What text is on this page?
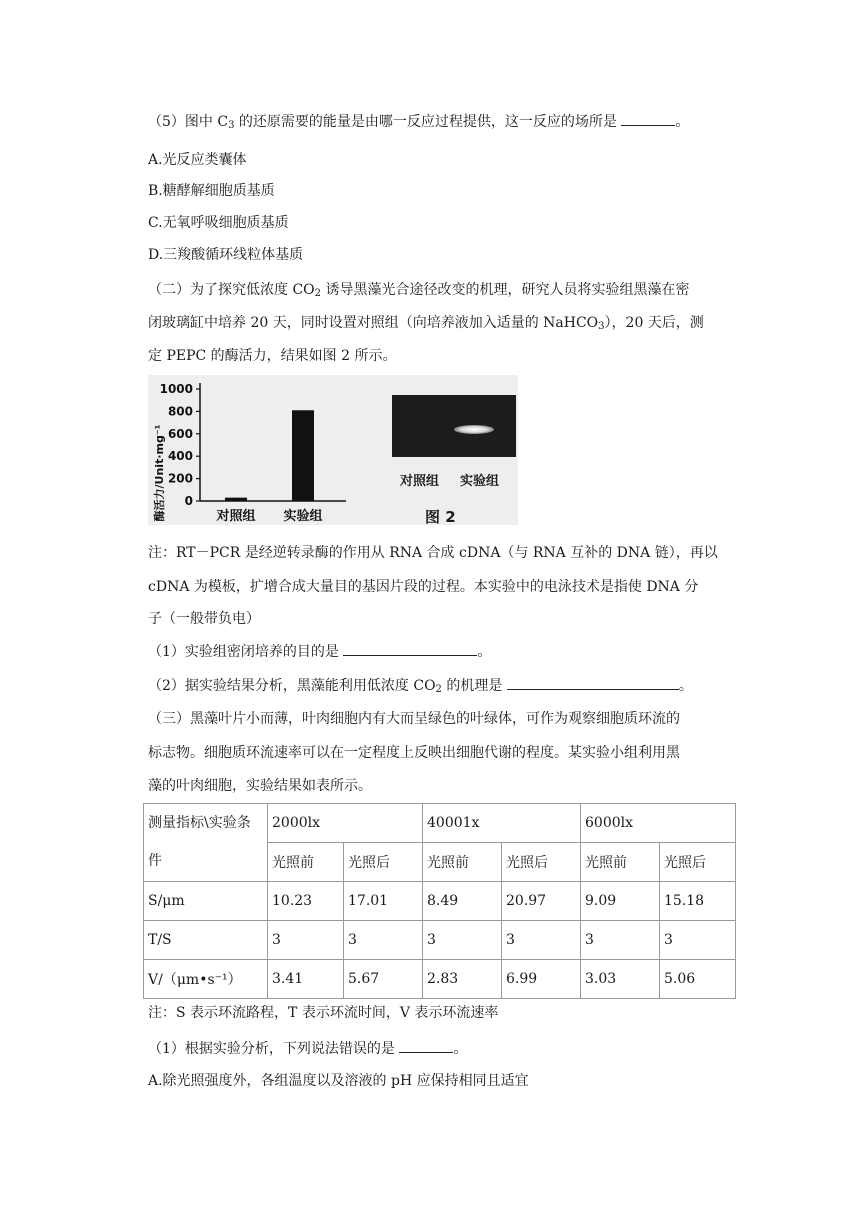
（5）图中 $C_3$ 的还原需要的能量是由哪一反应过程提供，这一反应的场所是	。
A.光反应类囊体
B.糖酵解细胞质基质
C.无氧呼吸细胞质基质
D.三羧酸循环线粒体基质
（二）为了探究低浓度 $CO_2$ 诱导黑藻光合途径改变的机理，研究人员将实验组黑藻在密
闭玻璃缸中培养 20 天，同时设置对照组（向培养液加入适量的 NaHCO$_3$），20 天后，测
定 PEPC 的酶活力，结果如图 2 所示。
酶活力/Unit·mg⁻¹ 0
200
400
600
800
1000
对照组 实验组
对照组 实验组
图 2
注：RT－PCR 是经逆转录酶的作用从 RNA 合成 cDNA（与 RNA 互补的 DNA 链），再以
cDNA 为模板，扩增合成大量目的基因片段的过程。本实验中的电泳技术是指使 DNA 分
子（一般带负电）
（1）实验组密闭培养的目的是	。
（2）据实验结果分析，黑藻能利用低浓度 $CO_2$ 的机理是	。
（三）黑藻叶片小而薄，叶肉细胞内有大而呈绿色的叶绿体，可作为观察细胞质环流的
标志物。细胞质环流速率可以在一定程度上反映出细胞代谢的程度。某实验小组利用黑
藻的叶肉细胞，实验结果如表所示。
测量指标\实验条
件	2000lx		40001x		6000lx	
	光照前	光照后	光照前	光照后	光照前	光照后
S/μm	10.23	17.01	8.49	20.97	9.09	15.18
T/S	3	3	3	3	3	3
V/（μm•s⁻¹）	3.41	5.67	2.83	6.99	3.03	5.06
注：S 表示环流路程，T 表示环流时间，V 表示环流速率
（1）根据实验分析，下列说法错误的是	。
A.除光照强度外，各组温度以及溶液的 pH 应保持相同且适宜
